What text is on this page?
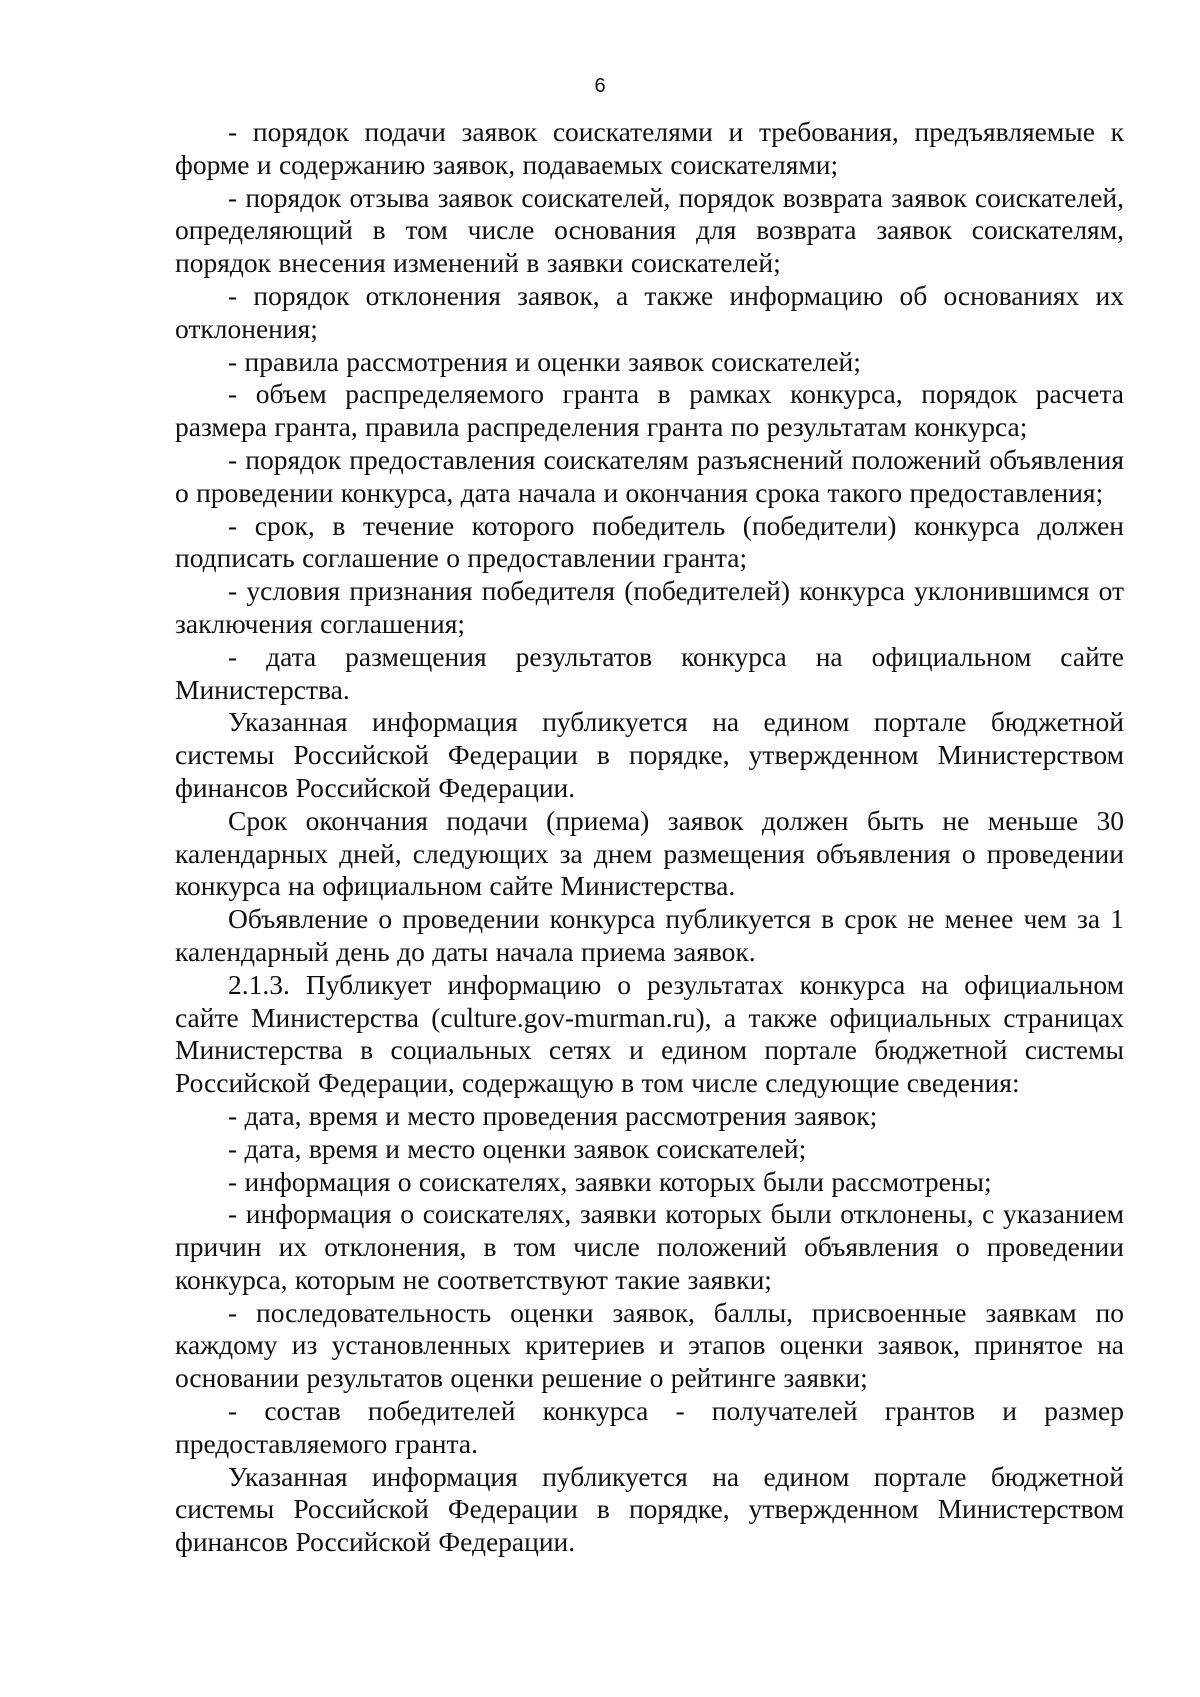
6

- порядок подачи заявок соискателями и требования, предъявляемые к форме и содержанию заявок, подаваемых соискателями;

- порядок отзыва заявок соискателей, порядок возврата заявок соискателей, определяющий в том числе основания для возврата заявок соискателям, порядок внесения изменений в заявки соискателей;

- порядок отклонения заявок, а также информацию об основаниях их отклонения;

- правила рассмотрения и оценки заявок соискателей;

- объем распределяемого гранта в рамках конкурса, порядок расчета размера гранта, правила распределения гранта по результатам конкурса;

- порядок предоставления соискателям разъяснений положений объявления о проведении конкурса, дата начала и окончания срока такого предоставления;

- срок, в течение которого победитель (победители) конкурса должен подписать соглашение о предоставлении гранта;

- условия признания победителя (победителей) конкурса уклонившимся от заключения соглашения;

- дата размещения результатов конкурса на официальном сайте Министерства.

Указанная информация публикуется на едином портале бюджетной системы Российской Федерации в порядке, утвержденном Министерством финансов Российской Федерации.

Срок окончания подачи (приема) заявок должен быть не меньше 30 календарных дней, следующих за днем размещения объявления о проведении конкурса на официальном сайте Министерства.

Объявление о проведении конкурса публикуется в срок не менее чем за 1 календарный день до даты начала приема заявок.

2.1.3. Публикует информацию о результатах конкурса на официальном сайте Министерства (culture.gov-murman.ru), а также официальных страницах Министерства в социальных сетях и едином портале бюджетной системы Российской Федерации, содержащую в том числе следующие сведения:

- дата, время и место проведения рассмотрения заявок;

- дата, время и место оценки заявок соискателей;

- информация о соискателях, заявки которых были рассмотрены;

- информация о соискателях, заявки которых были отклонены, с указанием причин их отклонения, в том числе положений объявления о проведении конкурса, которым не соответствуют такие заявки;

- последовательность оценки заявок, баллы, присвоенные заявкам по каждому из установленных критериев и этапов оценки заявок, принятое на основании результатов оценки решение о рейтинге заявки;

- состав победителей конкурса - получателей грантов и размер предоставляемого гранта.

Указанная информация публикуется на едином портале бюджетной системы Российской Федерации в порядке, утвержденном Министерством финансов Российской Федерации.
